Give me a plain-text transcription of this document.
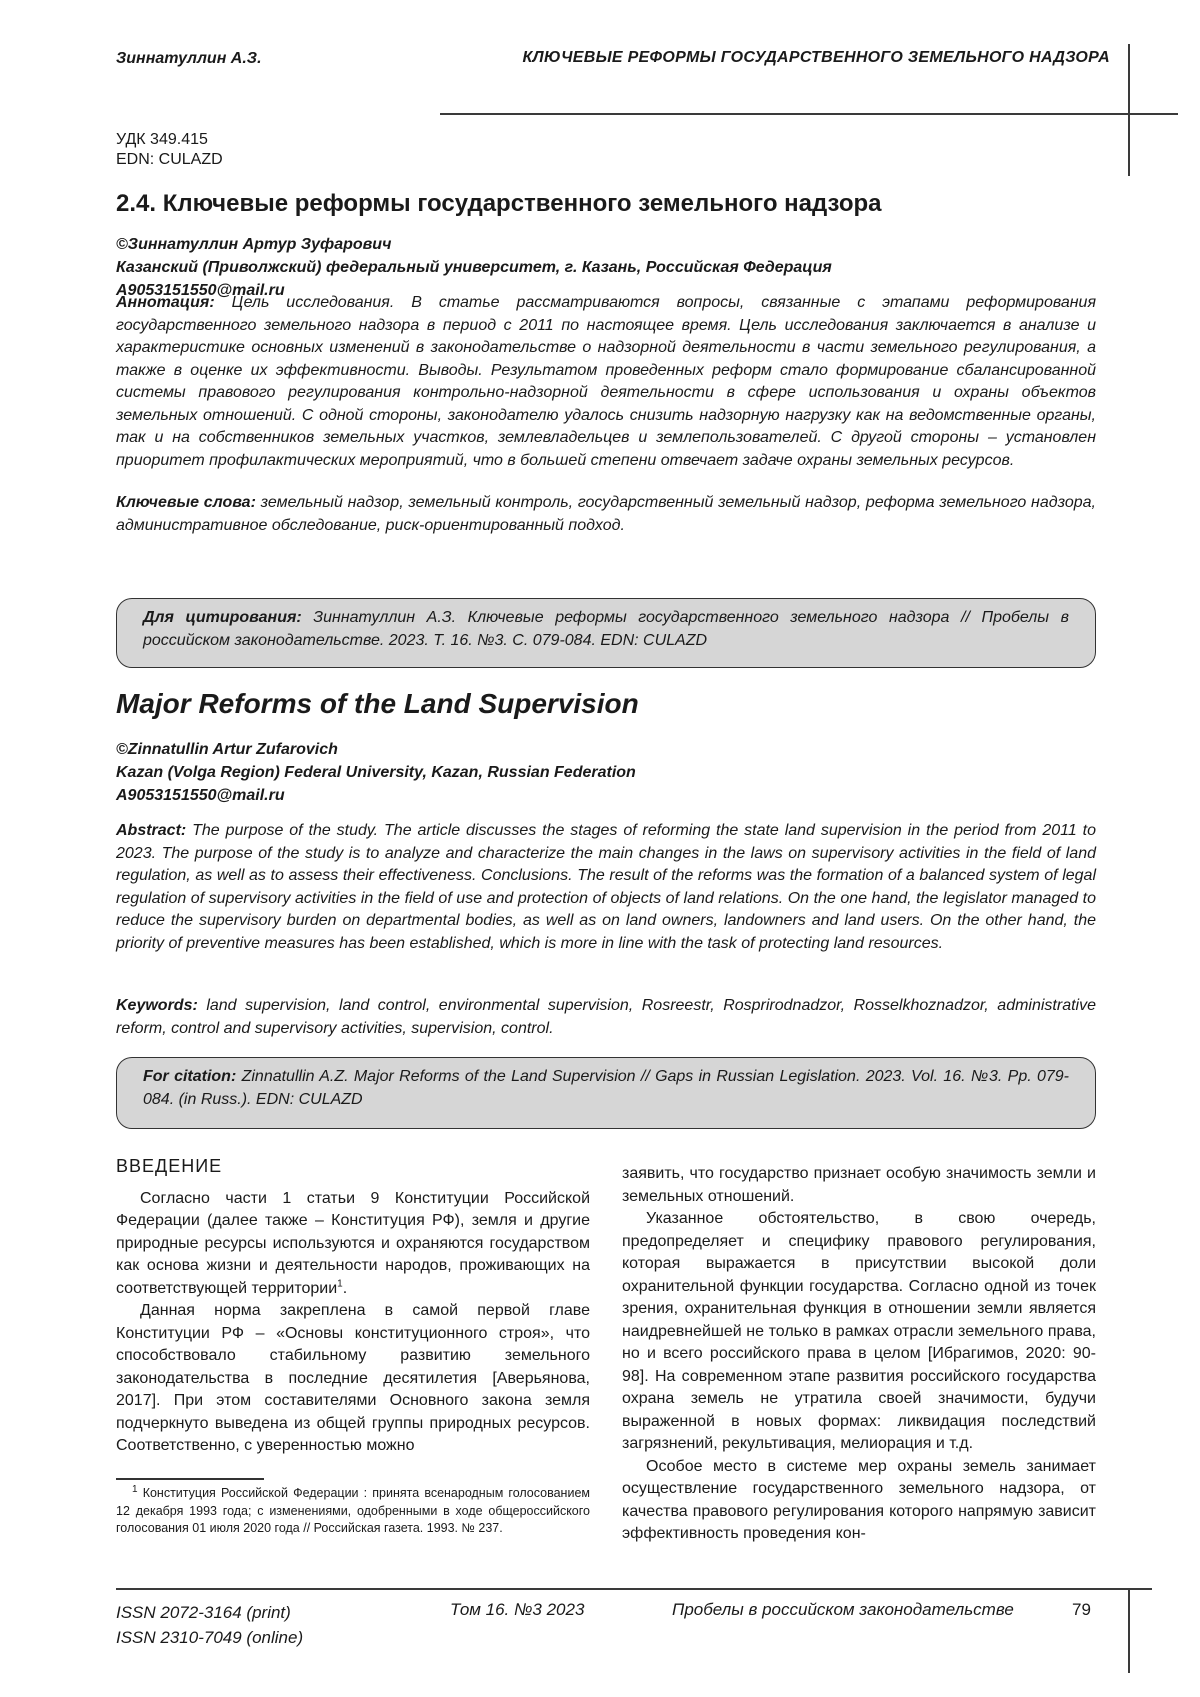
Зиннатуллин А.З.	КЛЮЧЕВЫЕ РЕФОРМЫ ГОСУДАРСТВЕННОГО ЗЕМЕЛЬНОГО НАДЗОРА
УДК 349.415
EDN: CULAZD
2.4. Ключевые реформы государственного земельного надзора
©Зиннатуллин Артур Зуфарович
Казанский (Приволжский) федеральный университет, г. Казань, Российская Федерация
A9053151550@mail.ru
Аннотация: Цель исследования. В статье рассматриваются вопросы, связанные с этапами реформирования государственного земельного надзора в период с 2011 по настоящее время. Цель исследования заключается в анализе и характеристике основных изменений в законодательстве о надзорной деятельности в части земельного регулирования, а также в оценке их эффективности. Выводы. Результатом проведенных реформ стало формирование сбалансированной системы правового регулирования контрольно-надзорной деятельности в сфере использования и охраны объектов земельных отношений. С одной стороны, законодателю удалось снизить надзорную нагрузку как на ведомственные органы, так и на собственников земельных участков, землевладельцев и землепользователей. С другой стороны – установлен приоритет профилактических мероприятий, что в большей степени отвечает задаче охраны земельных ресурсов.
Ключевые слова: земельный надзор, земельный контроль, государственный земельный надзор, реформа земельного надзора, административное обследование, риск-ориентированный подход.
Для цитирования: Зиннатуллин А.З. Ключевые реформы государственного земельного надзора // Пробелы в российском законодательстве. 2023. Т. 16. №3. С. 079-084. EDN: CULAZD
Major Reforms of the Land Supervision
©Zinnatullin Artur Zufarovich
Kazan (Volga Region) Federal University, Kazan, Russian Federation
A9053151550@mail.ru
Abstract: The purpose of the study. The article discusses the stages of reforming the state land supervision in the period from 2011 to 2023. The purpose of the study is to analyze and characterize the main changes in the laws on supervisory activities in the field of land regulation, as well as to assess their effectiveness. Conclusions. The result of the reforms was the formation of a balanced system of legal regulation of supervisory activities in the field of use and protection of objects of land relations. On the one hand, the legislator managed to reduce the supervisory burden on departmental bodies, as well as on land owners, landowners and land users. On the other hand, the priority of preventive measures has been established, which is more in line with the task of protecting land resources.
Keywords: land supervision, land control, environmental supervision, Rosreestr, Rosprirodnadzor, Rosselkhoznadzor, administrative reform, control and supervisory activities, supervision, control.
For citation: Zinnatullin A.Z. Major Reforms of the Land Supervision // Gaps in Russian Legislation. 2023. Vol. 16. №3. Pp. 079-084. (in Russ.). EDN: CULAZD
ВВЕДЕНИЕ

Согласно части 1 статьи 9 Конституции Российской Федерации (далее также – Конституция РФ), земля и другие природные ресурсы используются и охраняются государством как основа жизни и деятельности народов, проживающих на соответствующей территории$^1$.

Данная норма закреплена в самой первой главе Конституции РФ – «Основы конституционного строя», что способствовало стабильному развитию земельного законодательства в последние десятилетия [Аверьянова, 2017]. При этом составителями Основного закона земля подчеркнуто выведена из общей группы природных ресурсов. Соответственно, с уверенностью можно

заявить, что государство признает особую значимость земли и земельных отношений.

Указанное обстоятельство, в свою очередь, предопределяет и специфику правового регулирования, которая выражается в присутствии высокой доли охранительной функции государства. Согласно одной из точек зрения, охранительная функция в отношении земли является наидревнейшей не только в рамках отрасли земельного права, но и всего российского права в целом [Ибрагимов, 2020: 90-98]. На современном этапе развития российского государства охрана земель не утратила своей значимости, будучи выраженной в новых формах: ликвидация последствий загрязнений, рекультивация, мелиорация и т.д.

Особое место в системе мер охраны земель занимает осуществление государственного земельного надзора, от качества правового регулирования которого напрямую зависит эффективность проведения кон-

$^1$ Конституция Российской Федерации : принята всенародным голосованием 12 декабря 1993 года; с изменениями, одобренными в ходе общероссийского голосования 01 июля 2020 года // Российская газета. 1993. № 237.
ISSN 2072-3164 (print)
ISSN 2310-7049 (online)
Том 16. №3 2023	Пробелы в российском законодательстве	79
